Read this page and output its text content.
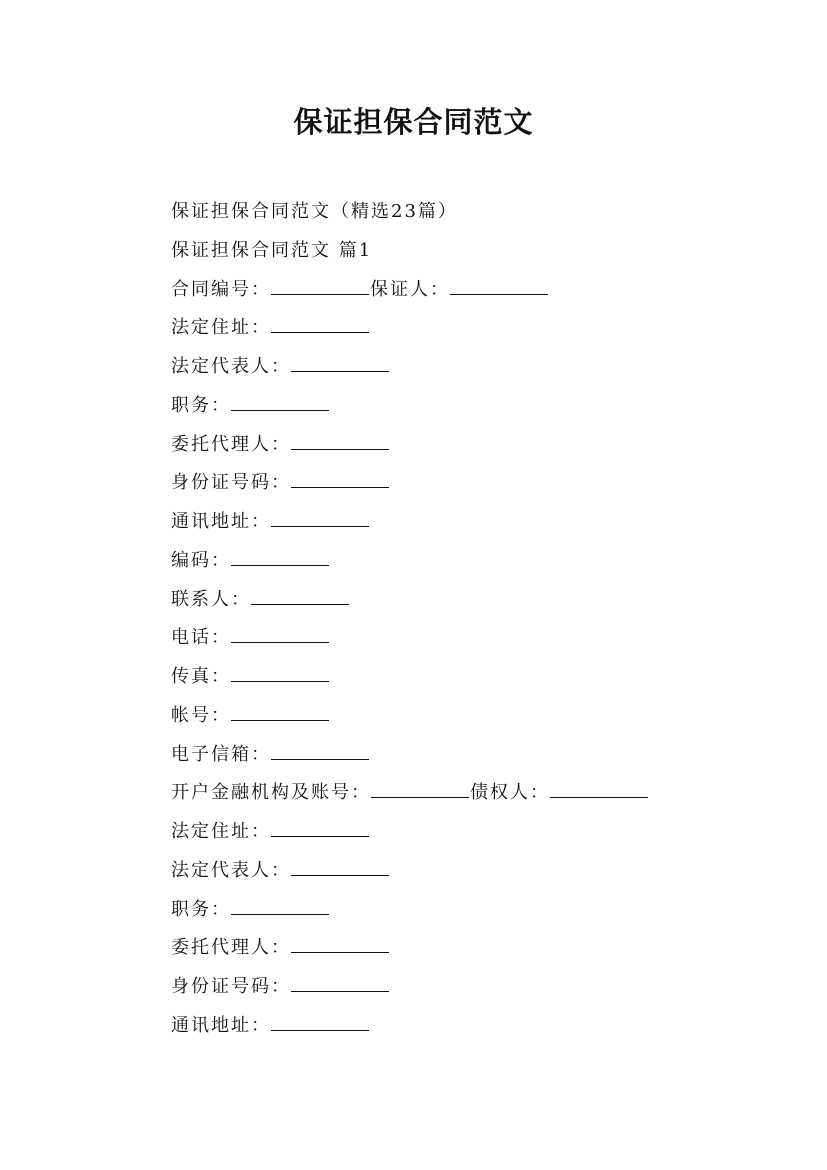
保证担保合同范文
保证担保合同范文（精选23篇）
保证担保合同范文 篇1
合同编号：	保证人：
法定住址：
法定代表人：
职务：
委托代理人：
身份证号码：
通讯地址：
编码：
联系人：
电话：
传真：
帐号：
电子信箱：
开户金融机构及账号：	债权人：
法定住址：
法定代表人：
职务：
委托代理人：
身份证号码：
通讯地址：
